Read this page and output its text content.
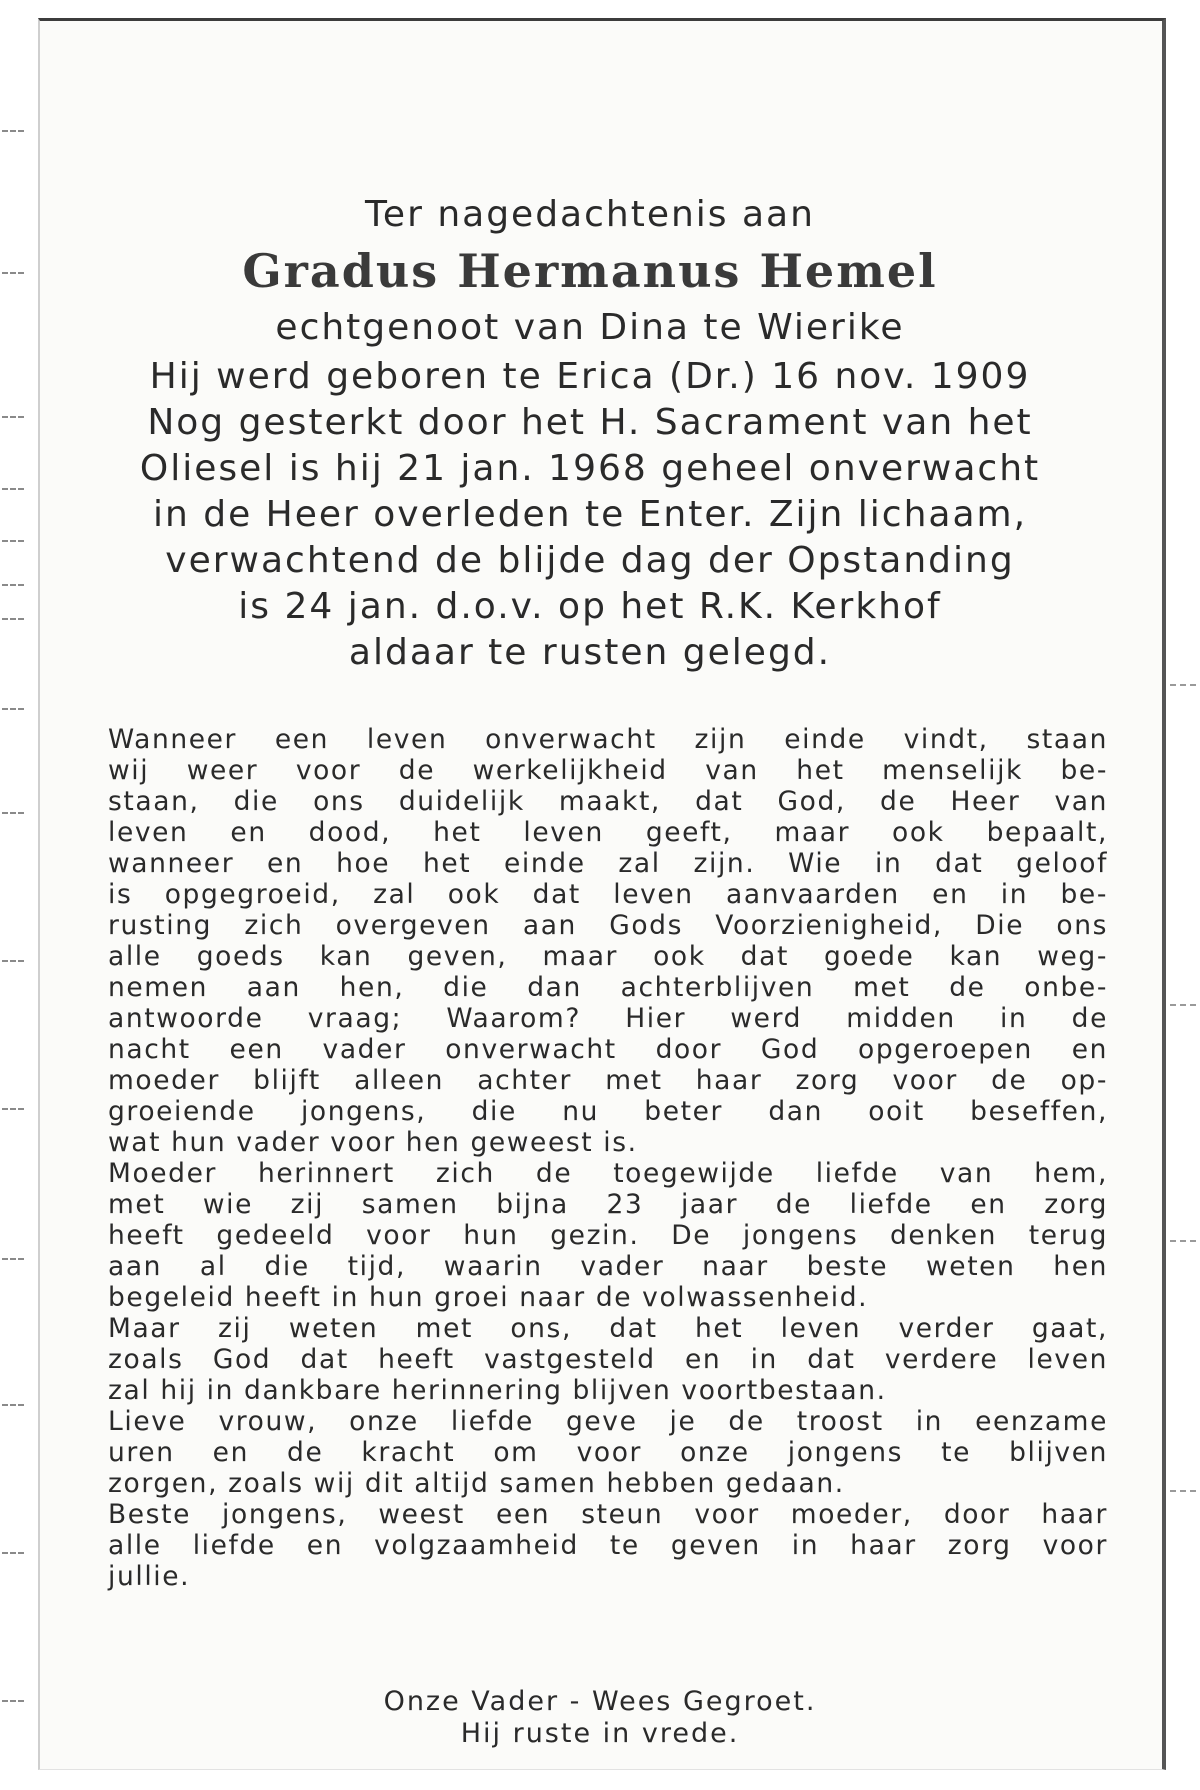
Ter nagedachtenis aan
Gradus Hermanus Hemel
echtgenoot van Dina te Wierike
Hij werd geboren te Erica (Dr.) 16 nov. 1909
Nog gesterkt door het H. Sacrament van het
Oliesel is hij 21 jan. 1968 geheel onverwacht
in de Heer overleden te Enter. Zijn lichaam,
verwachtend de blijde dag der Opstanding
is 24 jan. d.o.v. op het R.K. Kerkhof
aldaar te rusten gelegd.
Wanneer een leven onverwacht zijn einde vindt, staan
wij weer voor de werkelijkheid van het menselijk be-
staan, die ons duidelijk maakt, dat God, de Heer van
leven en dood, het leven geeft, maar ook bepaalt,
wanneer en hoe het einde zal zijn. Wie in dat geloof
is opgegroeid, zal ook dat leven aanvaarden en in be-
rusting zich overgeven aan Gods Voorzienigheid, Die ons
alle goeds kan geven, maar ook dat goede kan weg-
nemen aan hen, die dan achterblijven met de onbe-
antwoorde vraag; Waarom? Hier werd midden in de
nacht een vader onverwacht door God opgeroepen en
moeder blijft alleen achter met haar zorg voor de op-
groeiende jongens, die nu beter dan ooit beseffen,
wat hun vader voor hen geweest is.
Moeder herinnert zich de toegewijde liefde van hem,
met wie zij samen bijna 23 jaar de liefde en zorg
heeft gedeeld voor hun gezin. De jongens denken terug
aan al die tijd, waarin vader naar beste weten hen
begeleid heeft in hun groei naar de volwassenheid.
Maar zij weten met ons, dat het leven verder gaat,
zoals God dat heeft vastgesteld en in dat verdere leven
zal hij in dankbare herinnering blijven voortbestaan.
Lieve vrouw, onze liefde geve je de troost in eenzame
uren en de kracht om voor onze jongens te blijven
zorgen, zoals wij dit altijd samen hebben gedaan.
Beste jongens, weest een steun voor moeder, door haar
alle liefde en volgzaamheid te geven in haar zorg voor
jullie.
Onze Vader - Wees Gegroet.
Hij ruste in vrede.
